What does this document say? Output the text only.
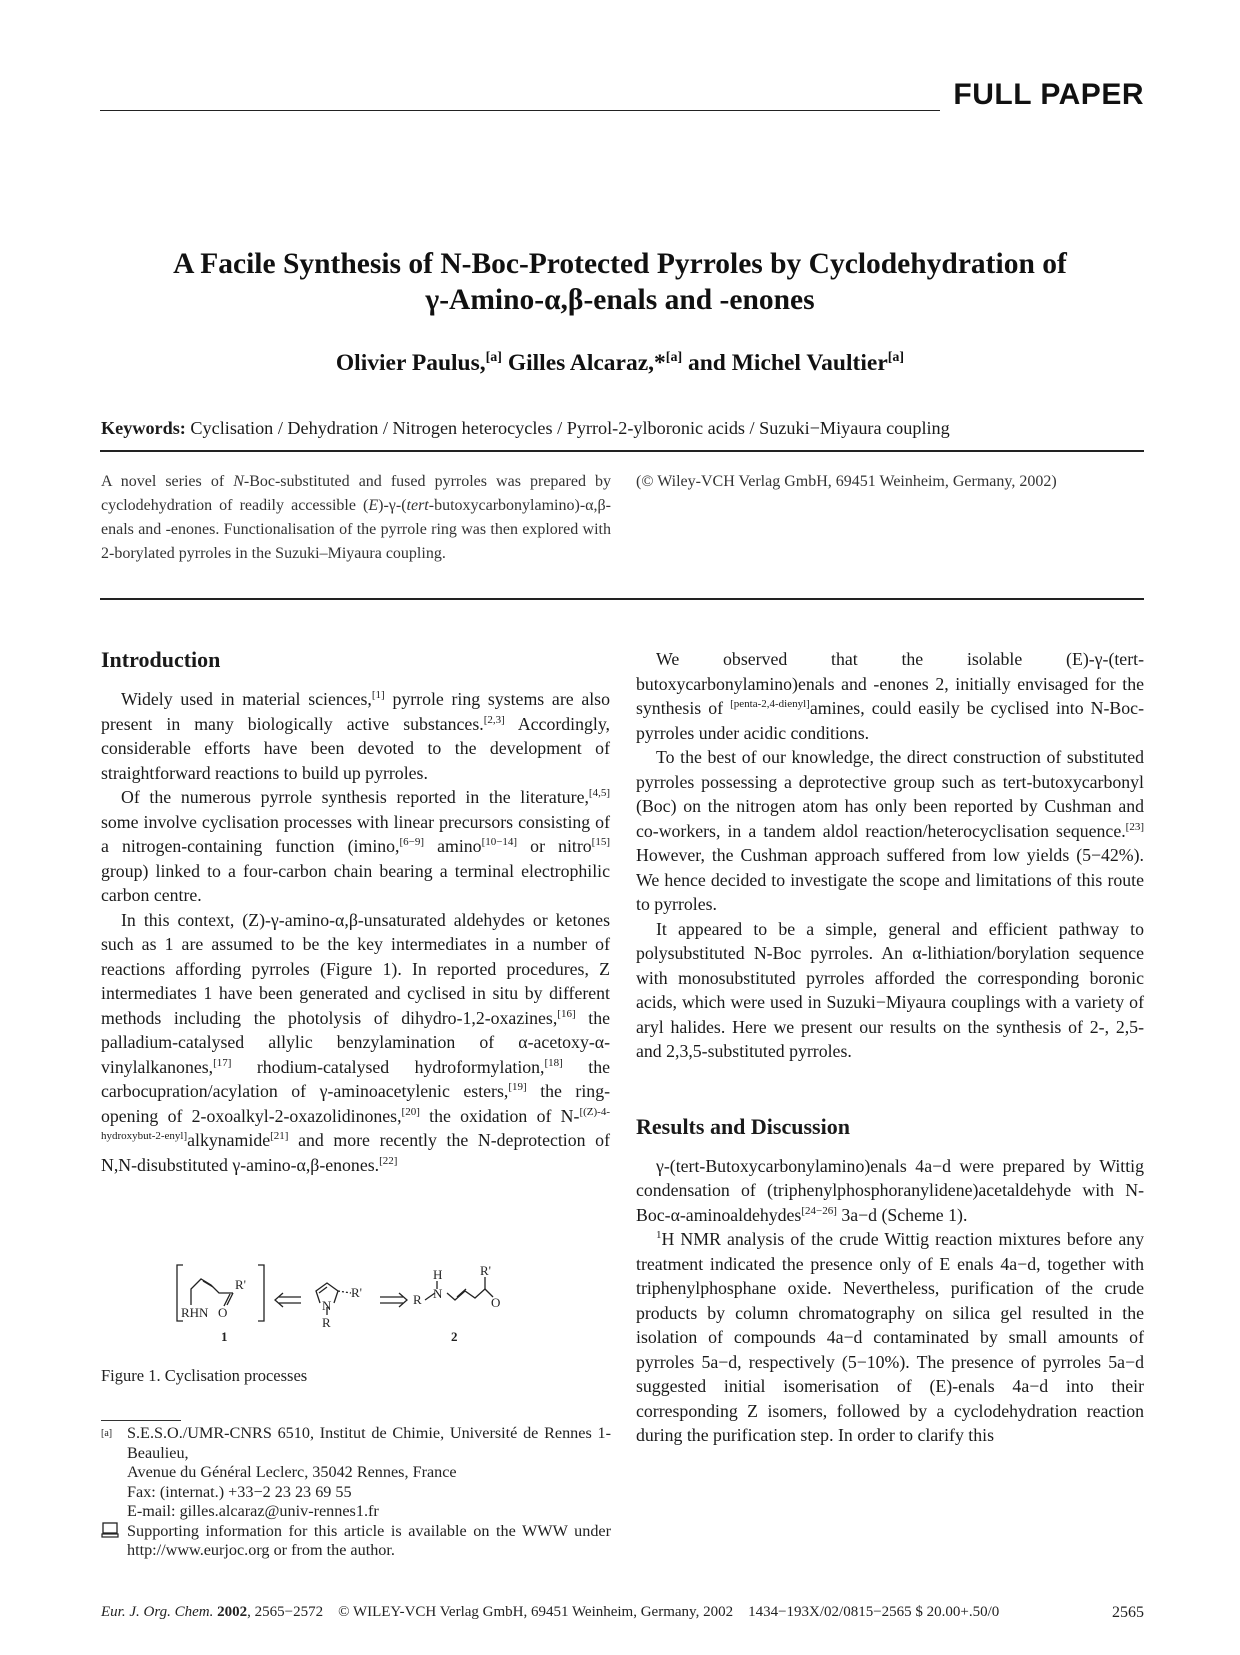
FULL PAPER
A Facile Synthesis of N-Boc-Protected Pyrroles by Cyclodehydration of
γ-Amino-α,β-enals and -enones
Olivier Paulus,[a] Gilles Alcaraz,*[a] and Michel Vaultier[a]
Keywords: Cyclisation / Dehydration / Nitrogen heterocycles / Pyrrol-2-ylboronic acids / Suzuki−Miyaura coupling
A novel series of N-Boc-substituted and fused pyrroles was prepared by cyclodehydration of readily accessible (E)-γ-(tert-butoxycarbonylamino)-α,β-enals and -enones. Functionalisation of the pyrrole ring was then explored with 2-borylated pyrroles in the Suzuki–Miyaura coupling.
(© Wiley-VCH Verlag GmbH, 69451 Weinheim, Germany, 2002)
Introduction

Widely used in material sciences,[1] pyrrole ring systems are also present in many biologically active substances.[2,3] Accordingly, considerable efforts have been devoted to the development of straightforward reactions to build up pyrroles.

Of the numerous pyrrole synthesis reported in the literature,[4,5] some involve cyclisation processes with linear precursors consisting of a nitrogen-containing function (imino,[6−9] amino[10−14] or nitro[15] group) linked to a four-carbon chain bearing a terminal electrophilic carbon centre.

In this context, (Z)-γ-amino-α,β-unsaturated aldehydes or ketones such as 1 are assumed to be the key intermediates in a number of reactions affording pyrroles (Figure 1). In reported procedures, Z intermediates 1 have been generated and cyclised in situ by different methods including the photolysis of dihydro-1,2-oxazines,[16] the palladium-catalysed allylic benzylamination of α-acetoxy-α-vinylalkanones,[17] rhodium-catalysed hydroformylation,[18] the carbocupration/acylation of γ-aminoacetylenic esters,[19] the ring-opening of 2-oxoalkyl-2-oxazolidinones,[20] the oxidation of N-[(Z)-4-hydroxybut-2-enyl]alkynamide[21] and more recently the N-deprotection of N,N-disubstituted γ-amino-α,β-enones.[22]

R'
RHN O
1
R'
N
R
H
N
R
R'
O
2
Figure 1. Cyclisation processes
[a] S.E.S.O./UMR-CNRS 6510, Institut de Chimie, Université de Rennes 1-Beaulieu,
Avenue du Général Leclerc, 35042 Rennes, France
Fax: (internat.) +33−2 23 23 69 55
E-mail: gilles.alcaraz@univ-rennes1.fr
Supporting information for this article is available on the WWW under http://www.eurjoc.org or from the author.

We observed that the isolable (E)-γ-(tert-butoxycarbonylamino)enals and -enones 2, initially envisaged for the synthesis of [penta-2,4-dienyl]amines, could easily be cyclised into N-Boc-pyrroles under acidic conditions.

To the best of our knowledge, the direct construction of substituted pyrroles possessing a deprotective group such as tert-butoxycarbonyl (Boc) on the nitrogen atom has only been reported by Cushman and co-workers, in a tandem aldol reaction/heterocyclisation sequence.[23] However, the Cushman approach suffered from low yields (5−42%). We hence decided to investigate the scope and limitations of this route to pyrroles.

It appeared to be a simple, general and efficient pathway to polysubstituted N-Boc pyrroles. An α-lithiation/borylation sequence with monosubstituted pyrroles afforded the corresponding boronic acids, which were used in Suzuki−Miyaura couplings with a variety of aryl halides. Here we present our results on the synthesis of 2-, 2,5- and 2,3,5-substituted pyrroles.

Results and Discussion

γ-(tert-Butoxycarbonylamino)enals 4a−d were prepared by Wittig condensation of (triphenylphosphoranylidene)acetaldehyde with N-Boc-α-aminoaldehydes[24−26] 3a−d (Scheme 1).

$^1$H NMR analysis of the crude Wittig reaction mixtures before any treatment indicated the presence only of E enals 4a−d, together with triphenylphosphane oxide. Nevertheless, purification of the crude products by column chromatography on silica gel resulted in the isolation of compounds 4a−d contaminated by small amounts of pyrroles 5a−d, respectively (5−10%). The presence of pyrroles 5a−d suggested initial isomerisation of (E)-enals 4a−d into their corresponding Z isomers, followed by a cyclodehydration reaction during the purification step. In order to clarify this

Eur. J. Org. Chem. 2002, 2565−2572 © WILEY-VCH Verlag GmbH, 69451 Weinheim, Germany, 2002 1434−193X/02/0815−2565 $ 20.00+.50/0	2565
